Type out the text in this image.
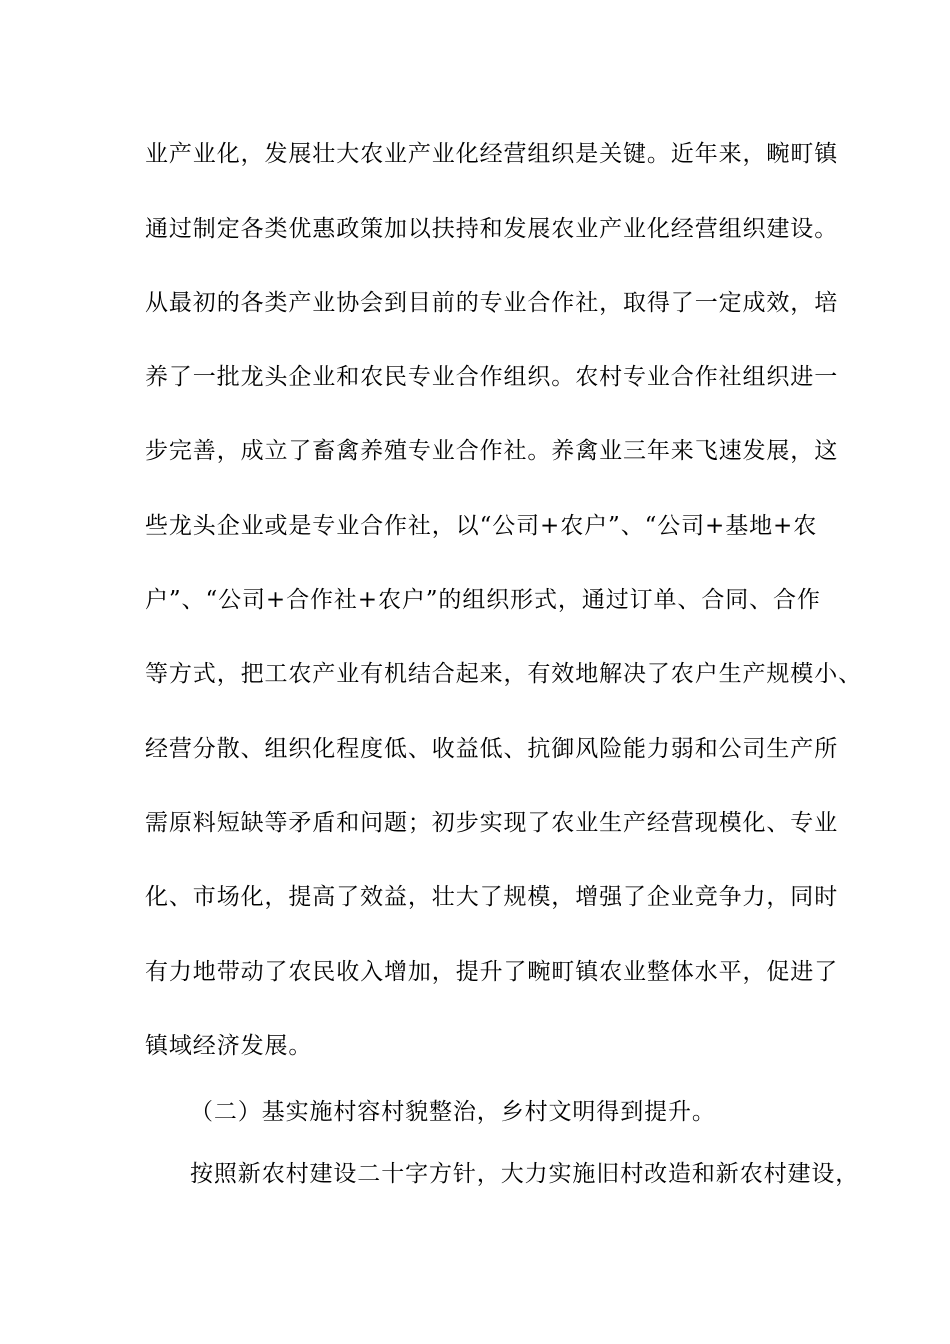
业产业化，发展壮大农业产业化经营组织是关键。近年来，畹町镇
通过制定各类优惠政策加以扶持和发展农业产业化经营组织建设。
从最初的各类产业协会到目前的专业合作社，取得了一定成效，培
养了一批龙头企业和农民专业合作组织。农村专业合作社组织进一
步完善，成立了畜禽养殖专业合作社。养禽业三年来飞速发展，这
些龙头企业或是专业合作社，以“公司+农户”、“公司+基地+农
户”、“公司+合作社+农户”的组织形式，通过订单、合同、合作
等方式，把工农产业有机结合起来，有效地解决了农户生产规模小、
经营分散、组织化程度低、收益低、抗御风险能力弱和公司生产所
需原料短缺等矛盾和问题；初步实现了农业生产经营现模化、专业
化、市场化，提高了效益，壮大了规模，增强了企业竞争力，同时
有力地带动了农民收入增加，提升了畹町镇农业整体水平，促进了
镇域经济发展。
（二）基实施村容村貌整治，乡村文明得到提升。
按照新农村建设二十字方针，大力实施旧村改造和新农村建设，
